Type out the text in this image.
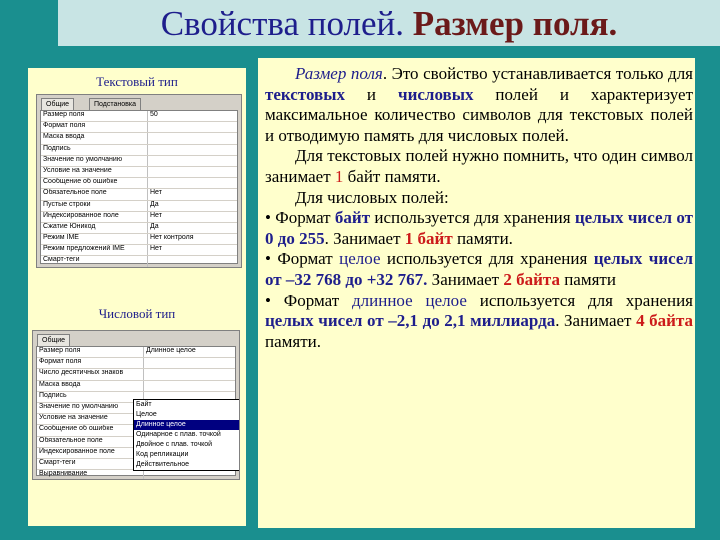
Свойства полей. Размер поля.
Текстовый тип
Общие	Подстановка
Размер поля	50
Формат поля
Маска ввода
Подпись
Значение по умолчанию
Условие на значение
Сообщение об ошибке
Обязательное поле	Нет
Пустые строки	Да
Индексированное поле	Нет
Сжатие Юникод	Да
Режим IME	Нет контроля
Режим предложений IME	Нет
Смарт-теги
Числовой тип
Общие
Размер поля	Длинное целое
Формат поля
Число десятичных знаков
Маска ввода
Подпись
Значение по умолчанию
Условие на значение
Сообщение об ошибке
Обязательное поле
Индексированное поле
Смарт-теги
Выравнивание
Байт
Целое
Длинное целое
Одинарное с плав. точкой
Двойное с плав. точкой
Код репликации
Действительное

Размер поля. Это свойство устанавливается только для текстовых и числовых полей и характеризует максимальное количество символов для текстовых полей и отводимую память для числовых полей.

Для текстовых полей нужно помнить, что один символ занимает 1 байт памяти.

Для числовых полей:

• Формат байт используется для хранения целых чисел от 0 до 255. Занимает 1 байт памяти.

• Формат целое используется для хранения целых чисел от –32 768 до +32 767. Занимает 2 байта памяти

• Формат длинное целое используется для хранения целых чисел от –2,1 до 2,1 миллиарда. Занимает 4 байта памяти.
